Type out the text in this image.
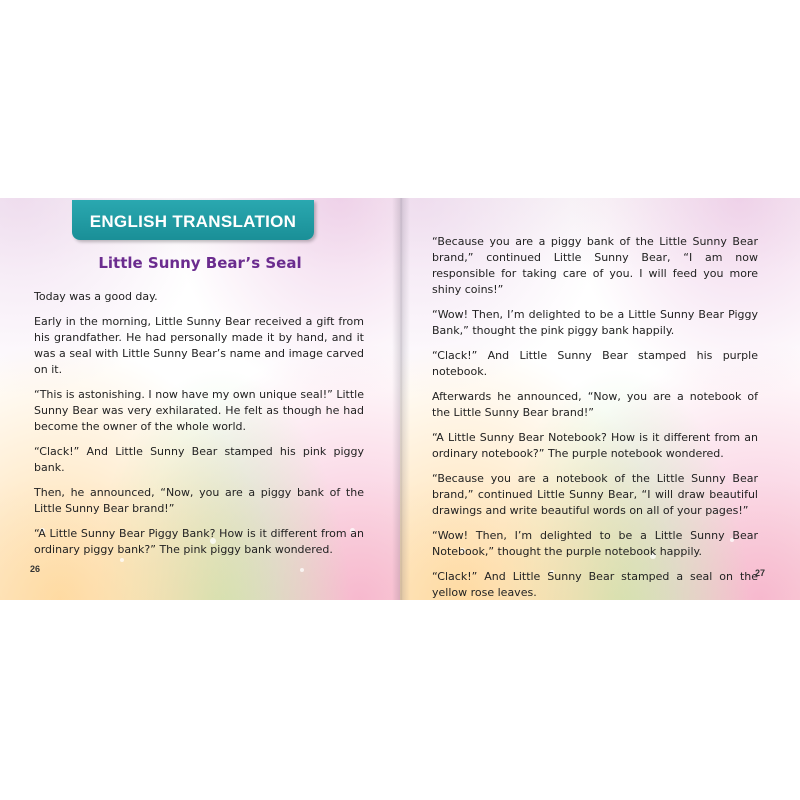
ENGLISH TRANSLATION
Little Sunny Bear’s Seal

Today was a good day.

Early in the morning, Little Sunny Bear received a gift from his grandfather. He had personally made it by hand, and it was a seal with Little Sunny Bear’s name and image carved on it.

“This is astonishing. I now have my own unique seal!” Little Sunny Bear was very exhilarated. He felt as though he had become the owner of the whole world.

“Clack!” And Little Sunny Bear stamped his pink piggy bank.

Then, he announced, “Now, you are a piggy bank of the Little Sunny Bear brand!”

“A Little Sunny Bear Piggy Bank? How is it different from an ordinary piggy bank?” The pink piggy bank wondered.

26

“Because you are a piggy bank of the Little Sunny Bear brand,” continued Little Sunny Bear, “I am now responsible for taking care of you. I will feed you more shiny coins!”

“Wow! Then, I’m delighted to be a Little Sunny Bear Piggy Bank,” thought the pink piggy bank happily.

“Clack!” And Little Sunny Bear stamped his purple notebook.

Afterwards he announced, “Now, you are a notebook of the Little Sunny Bear brand!”

“A Little Sunny Bear Notebook? How is it different from an ordinary notebook?” The purple notebook wondered.

“Because you are a notebook of the Little Sunny Bear brand,” continued Little Sunny Bear, “I will draw beautiful drawings and write beautiful words on all of your pages!”

“Wow! Then, I’m delighted to be a Little Sunny Bear Notebook,” thought the purple notebook happily.

“Clack!” And Little Sunny Bear stamped a seal on the yellow rose leaves.

27
